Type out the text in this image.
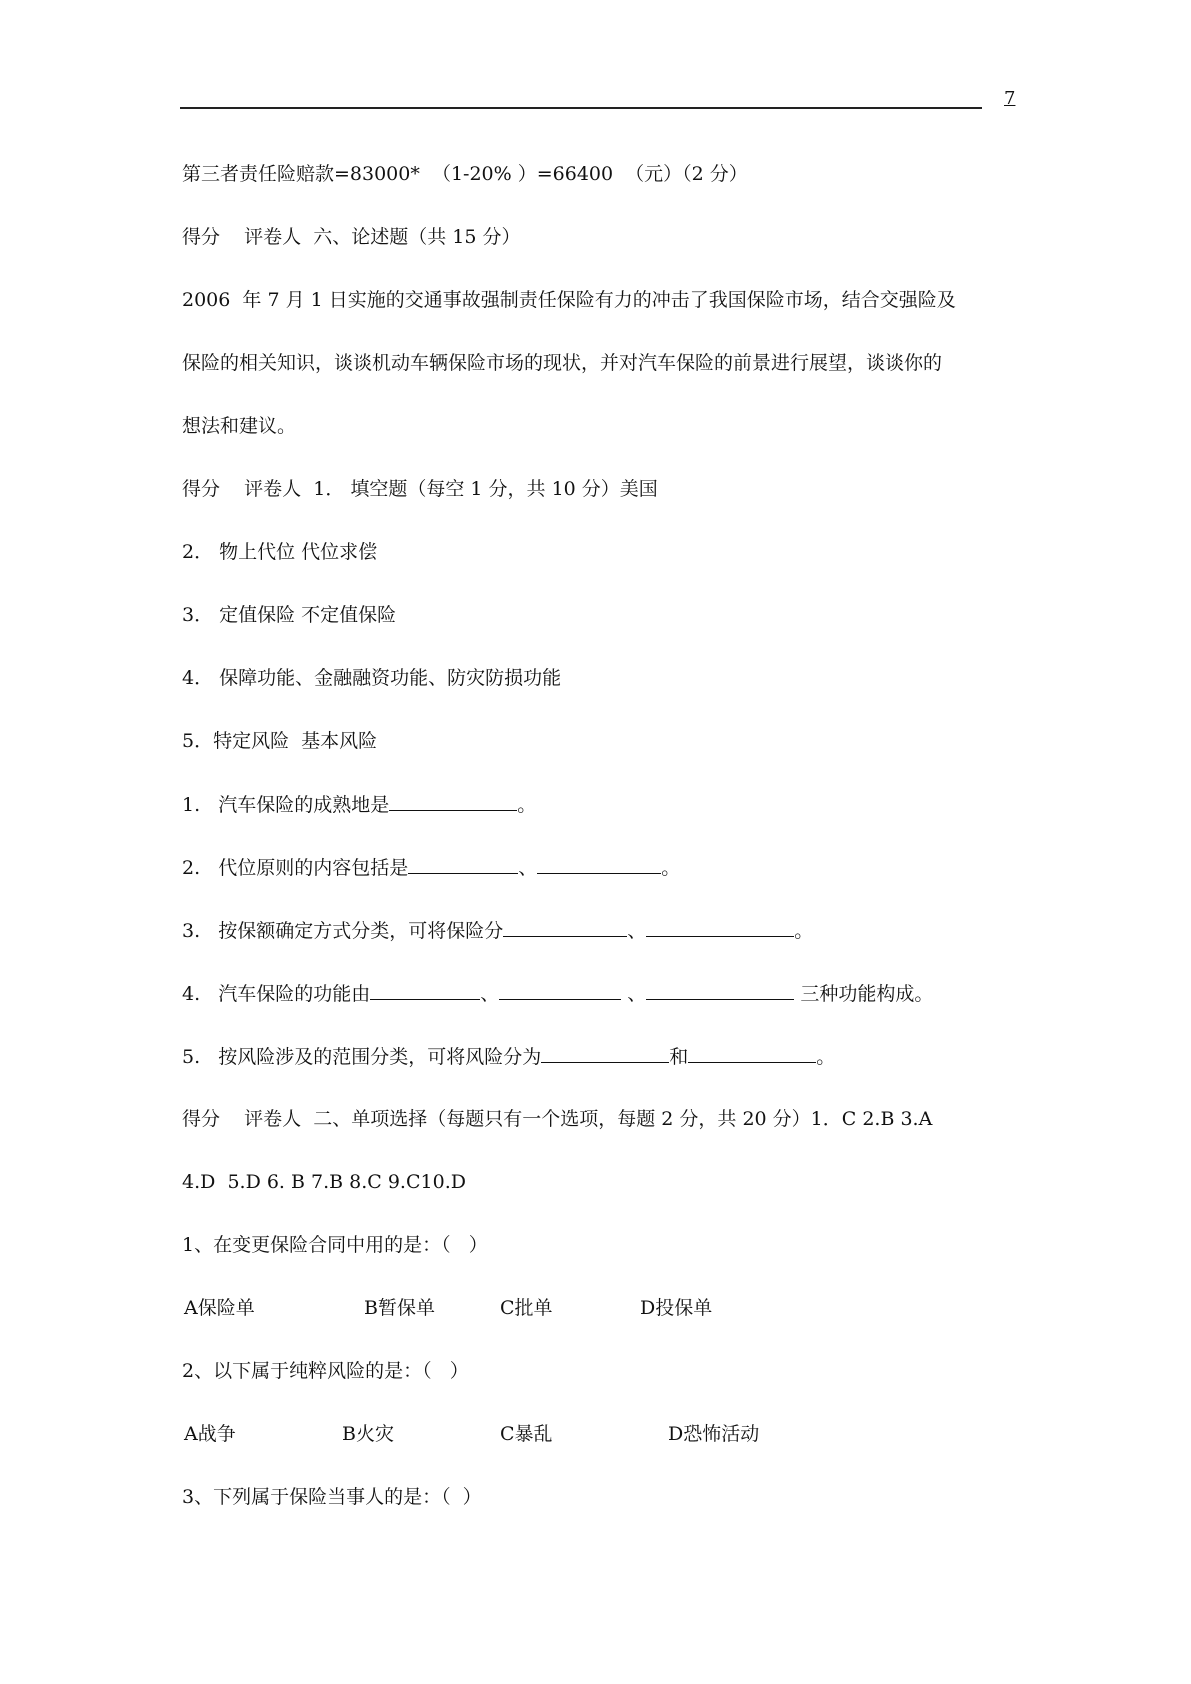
7
第三者责任险赔款=83000*  （1-20% ）=66400  （元）（2 分）
得分    评卷人  六、论述题（共 15 分）
2006  年 7 月 1 日实施的交通事故强制责任保险有力的冲击了我国保险市场，结合交强险及
保险的相关知识，谈谈机动车辆保险市场的现状，并对汽车保险的前景进行展望，谈谈你的
想法和建议。
得分    评卷人  1． 填空题（每空 1 分，共 10 分）美国
2． 物上代位 代位求偿
3． 定值保险 不定值保险
4． 保障功能、金融融资功能、防灾防损功能
5．特定风险  基本风险
1.   汽车保险的成熟地是	。
2.   代位原则的内容包括是	、	。
3.   按保额确定方式分类，可将保险分	、	。
4.   汽车保险的功能由	、	、	三种功能构成。
5.   按风险涉及的范围分类，可将风险分为	和	。
得分    评卷人  二、单项选择（每题只有一个选项，每题 2 分，共 20 分）1．C 2.B 3.A
4.D  5.D 6. B 7.B 8.C 9.C10.D
1、在变更保险合同中用的是：（   ）
A保险单	B暂保单	C批单	D投保单
2、以下属于纯粹风险的是：（   ）
A战争	B火灾	C暴乱	D恐怖活动
3、下列属于保险当事人的是：（  ）
